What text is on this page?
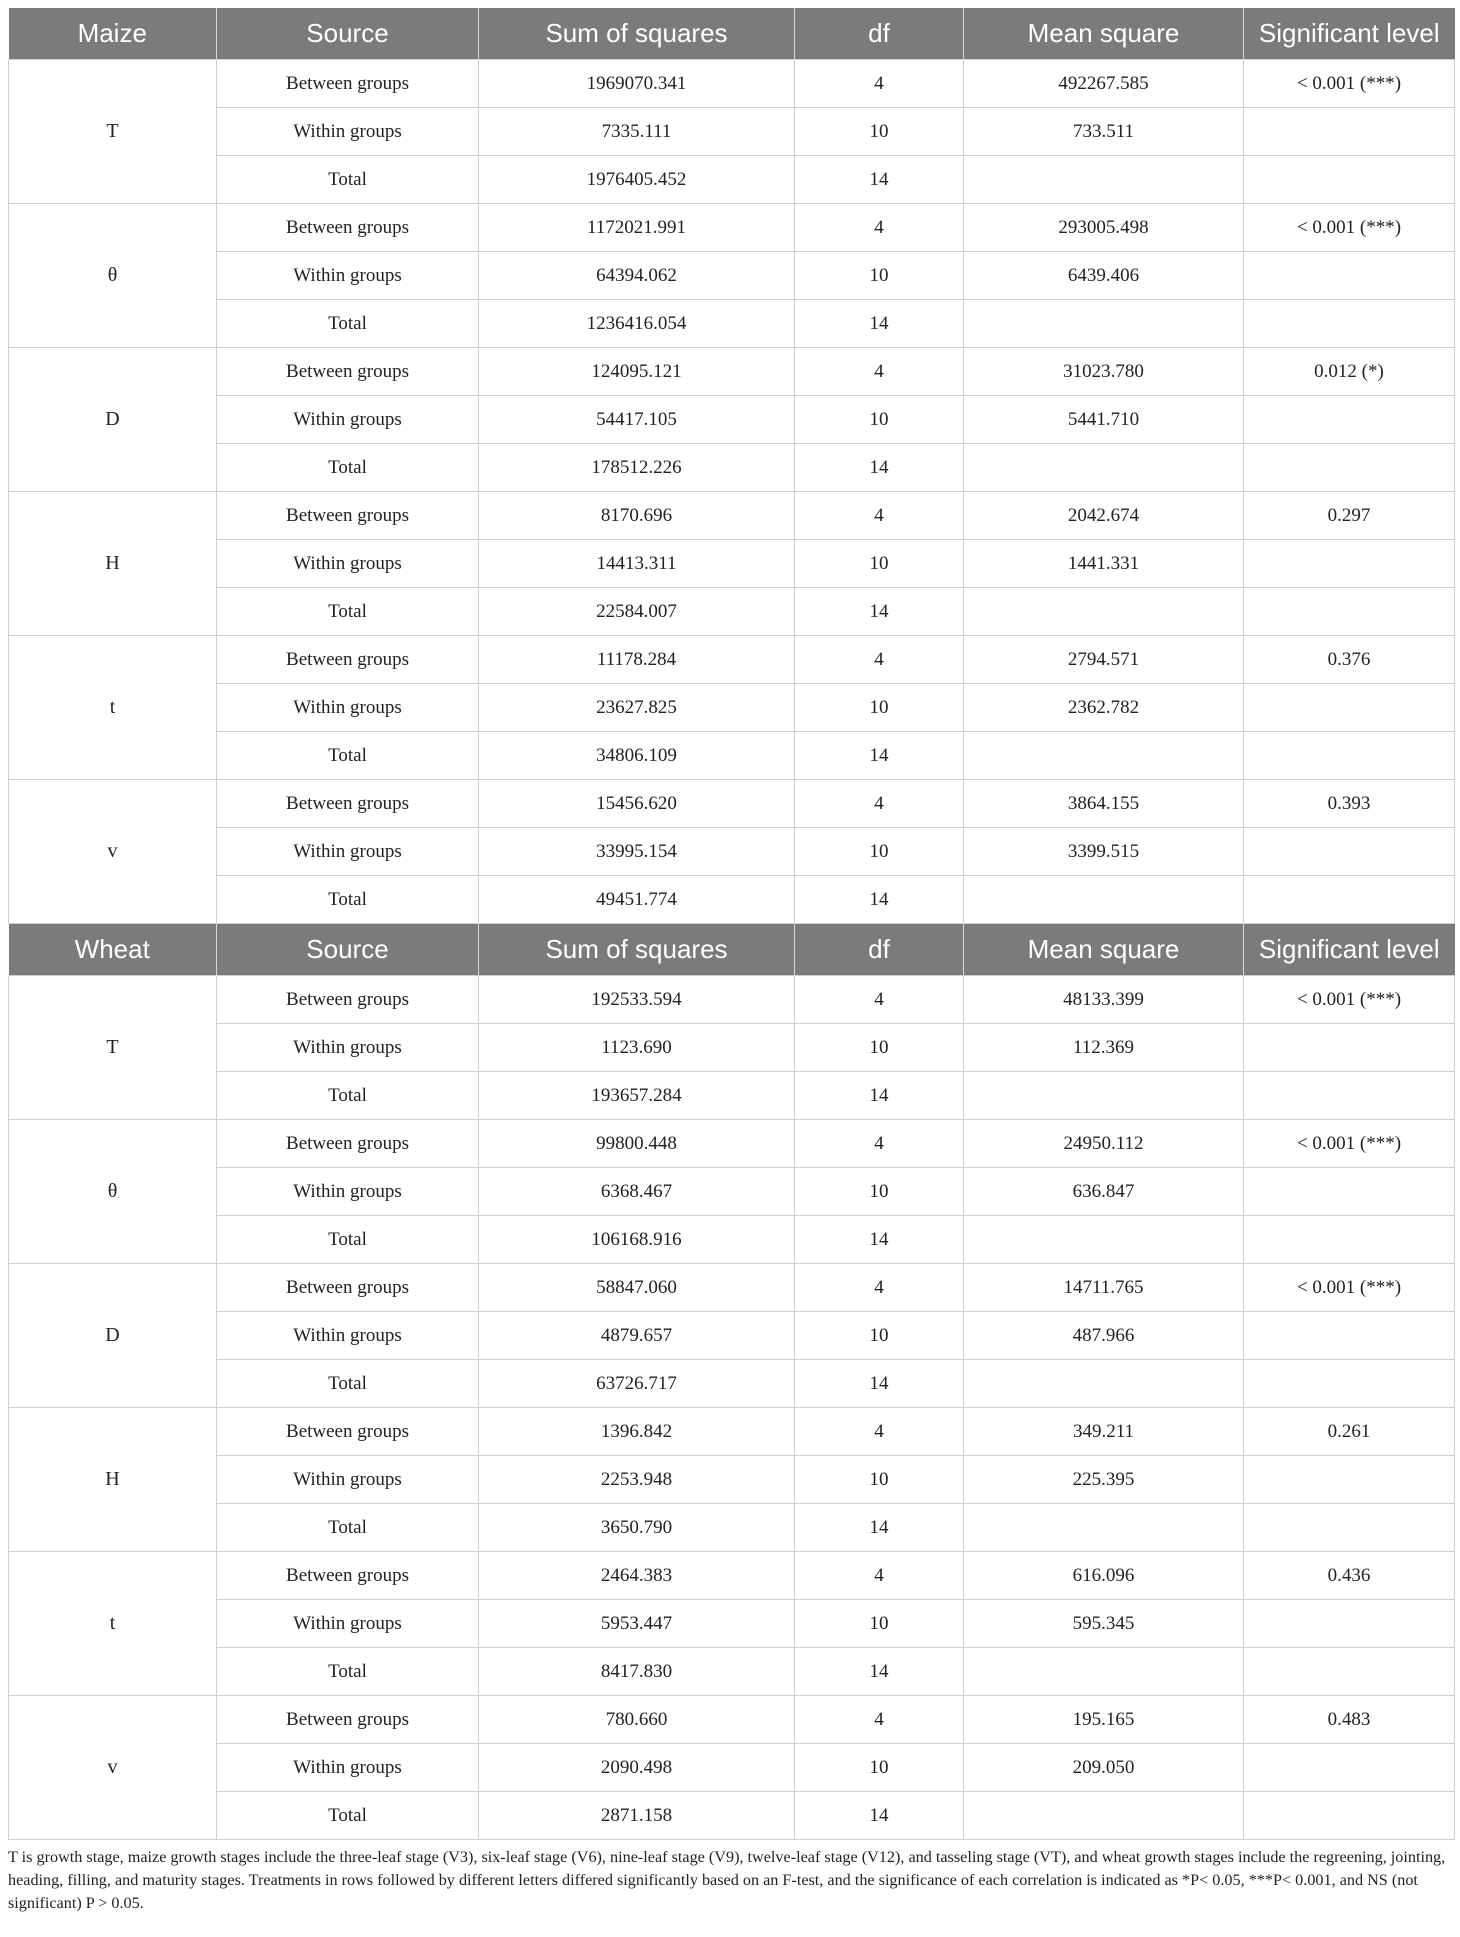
Maize	Source	Sum of squares	df	Mean square	Significant level
T	Between groups	1969070.341	4	492267.585	< 0.001 (***)
	Within groups	7335.111	10	733.511	
	Total	1976405.452	14		
θ	Between groups	1172021.991	4	293005.498	< 0.001 (***)
	Within groups	64394.062	10	6439.406	
	Total	1236416.054	14		
D	Between groups	124095.121	4	31023.780	0.012 (*)
	Within groups	54417.105	10	5441.710	
	Total	178512.226	14		
H	Between groups	8170.696	4	2042.674	0.297
	Within groups	14413.311	10	1441.331	
	Total	22584.007	14		
t	Between groups	11178.284	4	2794.571	0.376
	Within groups	23627.825	10	2362.782	
	Total	34806.109	14		
v	Between groups	15456.620	4	3864.155	0.393
	Within groups	33995.154	10	3399.515	
	Total	49451.774	14		
Wheat	Source	Sum of squares	df	Mean square	Significant level
T	Between groups	192533.594	4	48133.399	< 0.001 (***)
	Within groups	1123.690	10	112.369	
	Total	193657.284	14		
θ	Between groups	99800.448	4	24950.112	< 0.001 (***)
	Within groups	6368.467	10	636.847	
	Total	106168.916	14		
D	Between groups	58847.060	4	14711.765	< 0.001 (***)
	Within groups	4879.657	10	487.966	
	Total	63726.717	14		
H	Between groups	1396.842	4	349.211	0.261
	Within groups	2253.948	10	225.395	
	Total	3650.790	14		
t	Between groups	2464.383	4	616.096	0.436
	Within groups	5953.447	10	595.345	
	Total	8417.830	14		
v	Between groups	780.660	4	195.165	0.483
	Within groups	2090.498	10	209.050	
	Total	2871.158	14		
T is growth stage, maize growth stages include the three-leaf stage (V3), six-leaf stage (V6), nine-leaf stage (V9), twelve-leaf stage (V12), and tasseling stage (VT), and wheat growth stages include the regreening, jointing, heading, filling, and maturity stages. Treatments in rows followed by different letters differed significantly based on an F-test, and the significance of each correlation is indicated as *P< 0.05, ***P< 0.001, and NS (not significant) P > 0.05.
